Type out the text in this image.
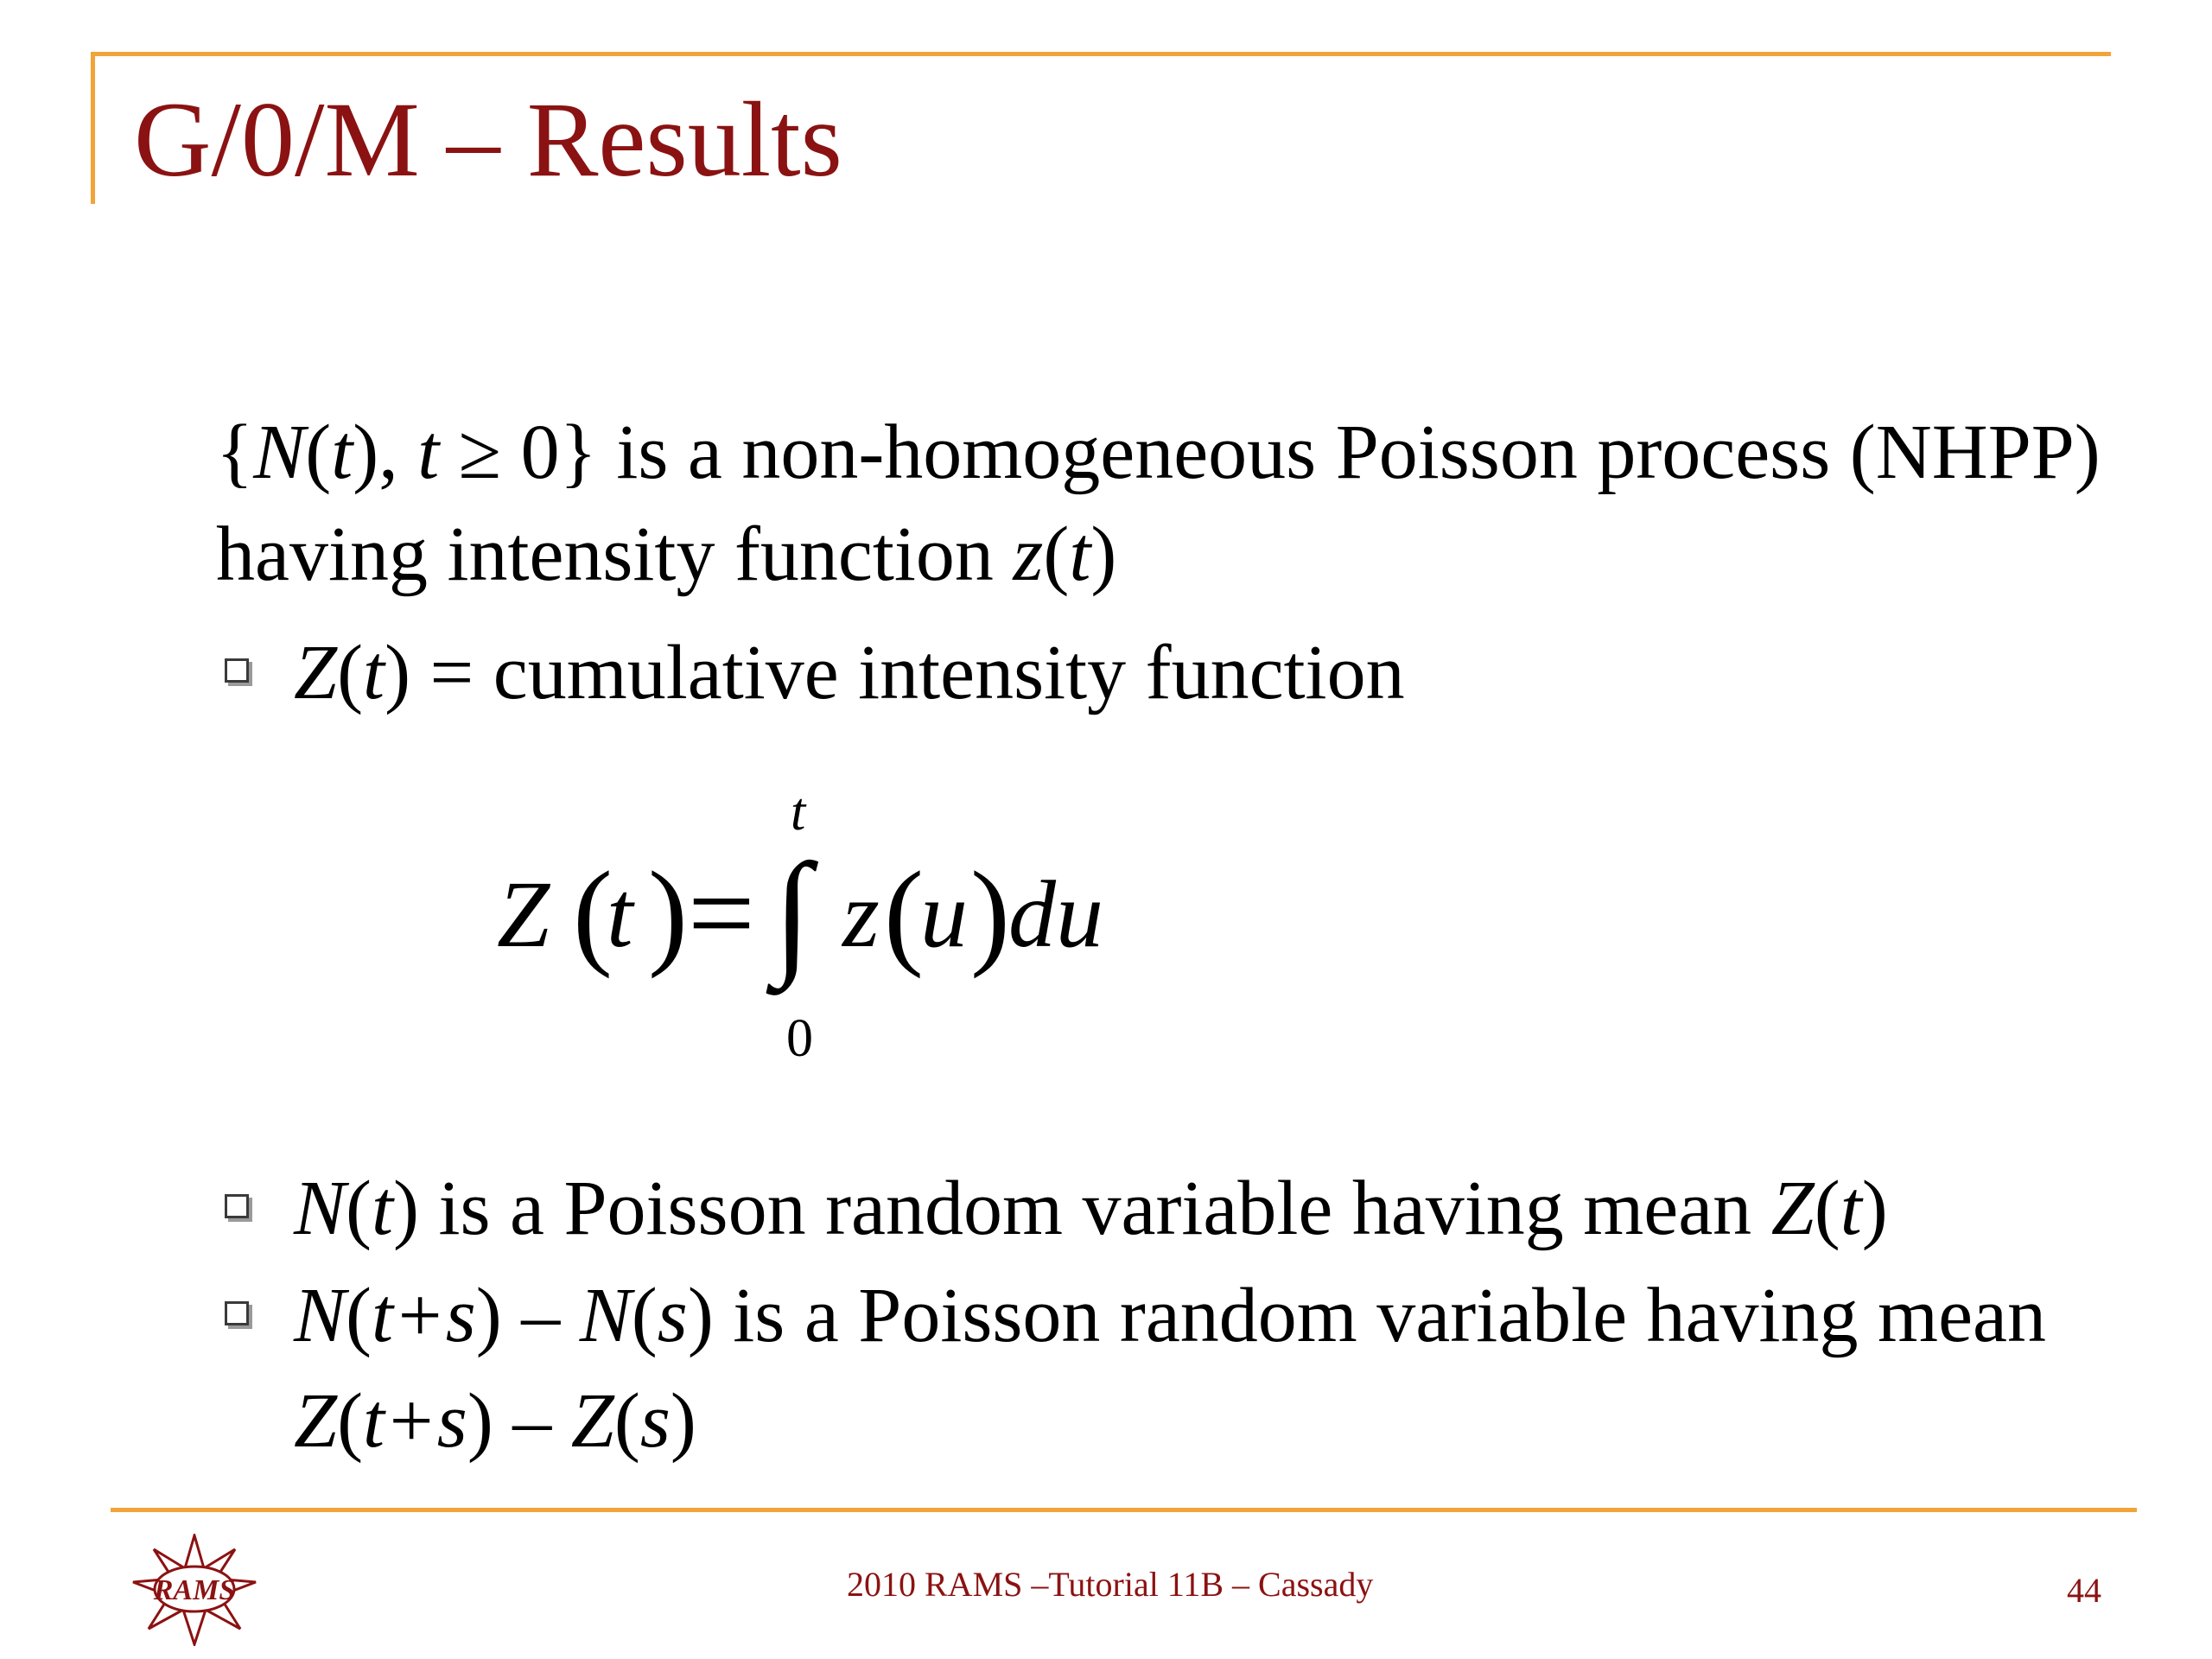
G/0/M – Results
{N(t), t ≥ 0} is a non-homogeneous Poisson process (NHPP) having intensity function z(t)
Z(t) = cumulative intensity function
Z (
t )= ∫
t
0
z (
u )
du
N(t) is a Poisson random variable having mean Z(t)
N(t+s) – N(s) is a Poisson random variable having mean
Z(t+s) – Z(s)
RAMS	2010 RAMS –Tutorial 11B – Cassady	44
